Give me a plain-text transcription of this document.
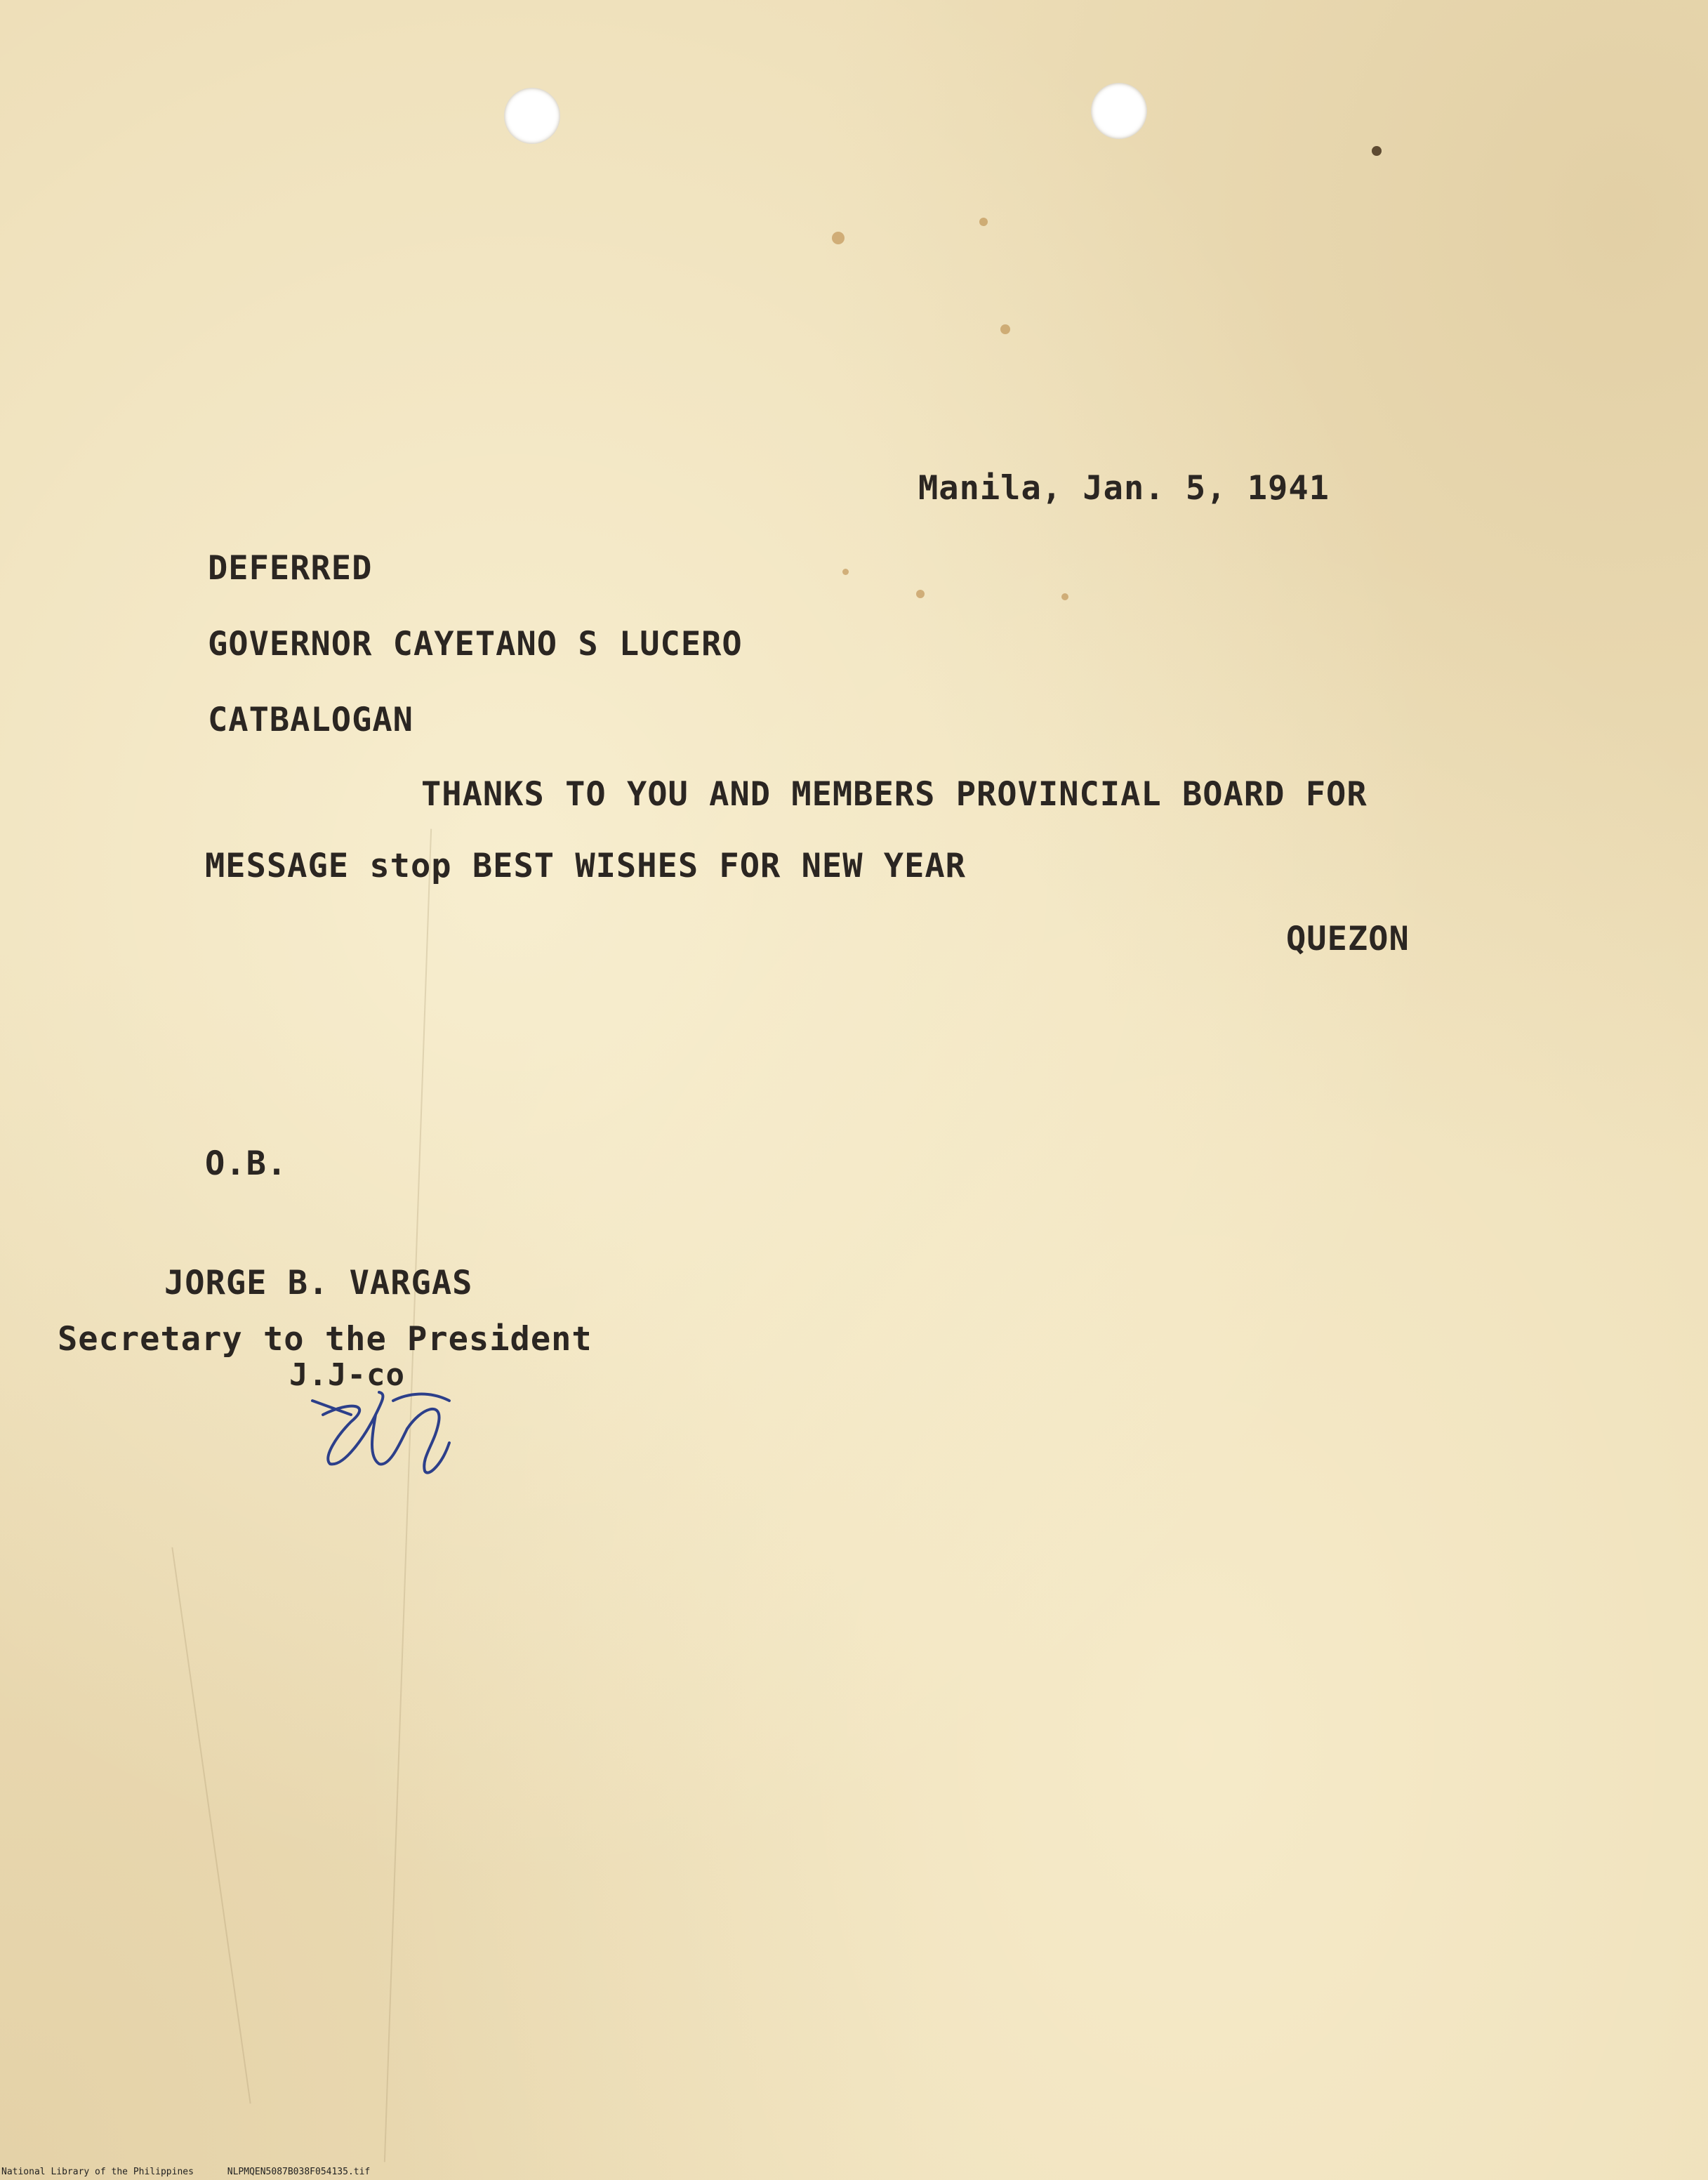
Manila, Jan. 5, 1941
DEFERRED
GOVERNOR CAYETANO S LUCERO
CATBALOGAN
THANKS TO YOU AND MEMBERS PROVINCIAL BOARD FOR
MESSAGE stop BEST WISHES FOR NEW YEAR
QUEZON
O.B.
JORGE B. VARGAS
Secretary to the President
J.J-co
National Library of the Philippines	NLPMQEN5087B038F054135.tif
